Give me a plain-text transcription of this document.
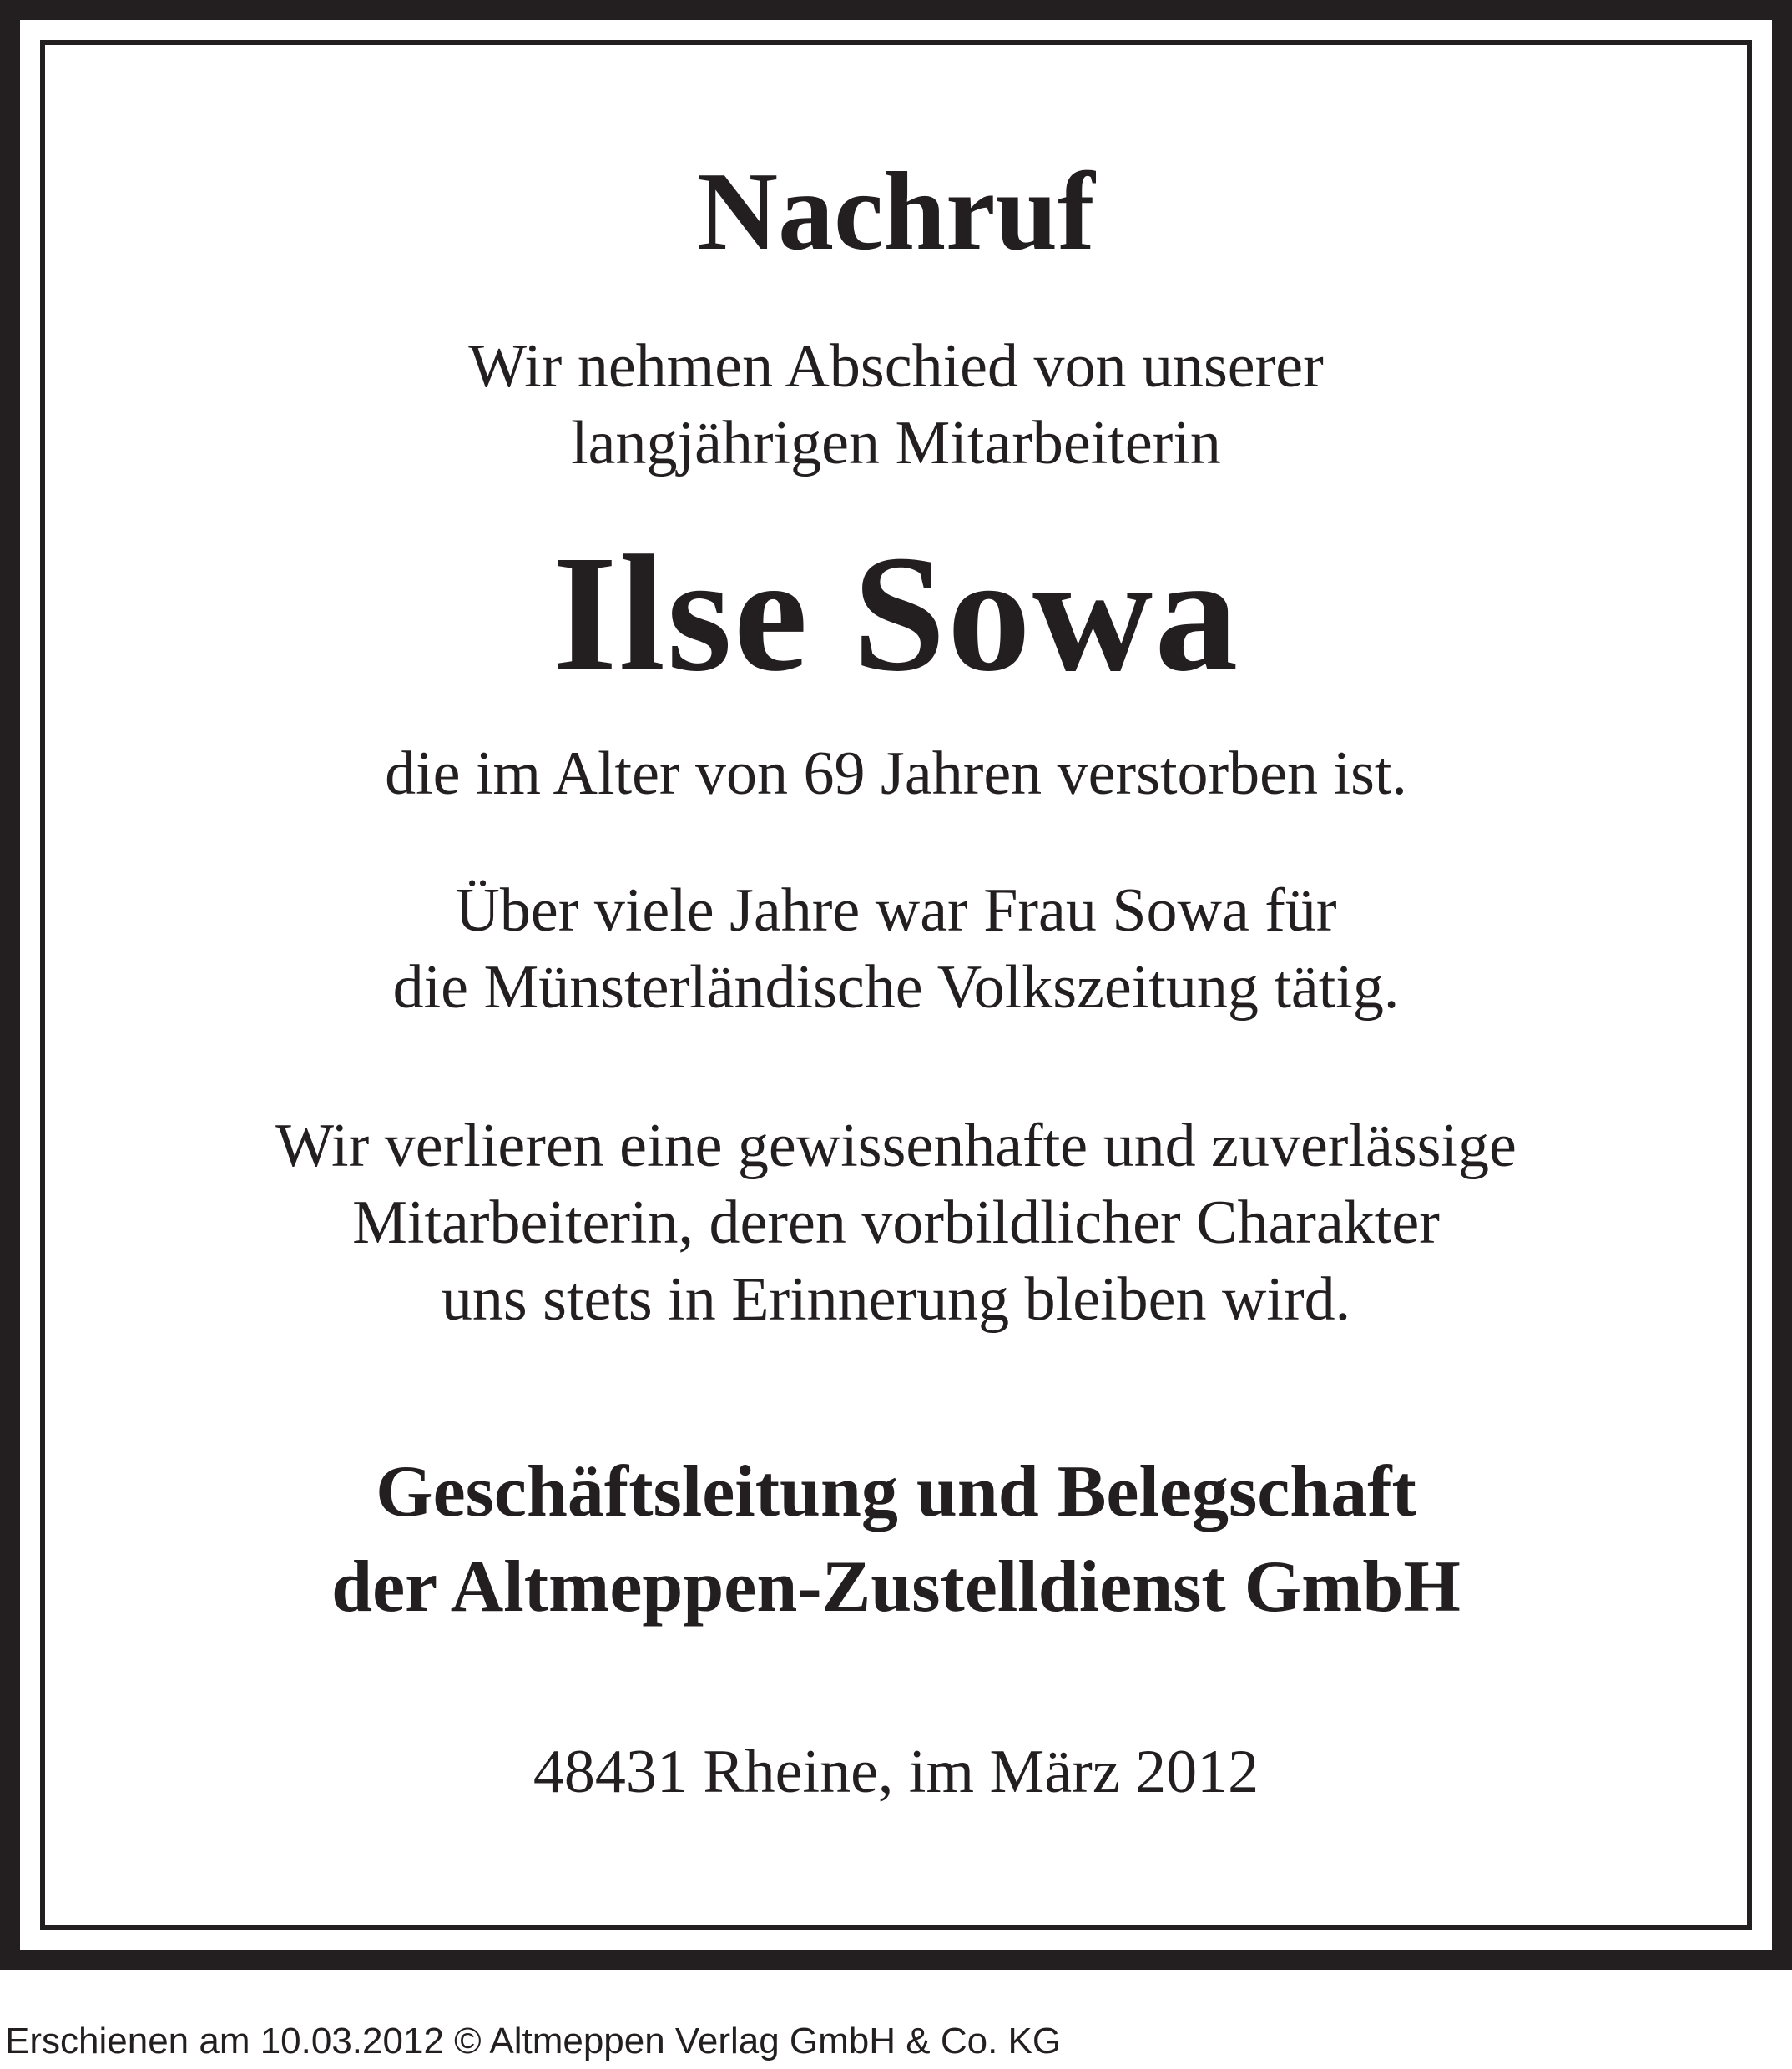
Nachruf
Wir nehmen Abschied von unserer
langjährigen Mitarbeiterin
Ilse Sowa
die im Alter von 69 Jahren verstorben ist.
Über viele Jahre war Frau Sowa für
die Münsterländische Volkszeitung tätig.
Wir verlieren eine gewissenhafte und zuverlässige
Mitarbeiterin, deren vorbildlicher Charakter
uns stets in Erinnerung bleiben wird.
Geschäftsleitung und Belegschaft
der Altmeppen-Zustelldienst GmbH
48431 Rheine, im März 2012
Erschienen am 10.03.2012 © Altmeppen Verlag GmbH & Co. KG
